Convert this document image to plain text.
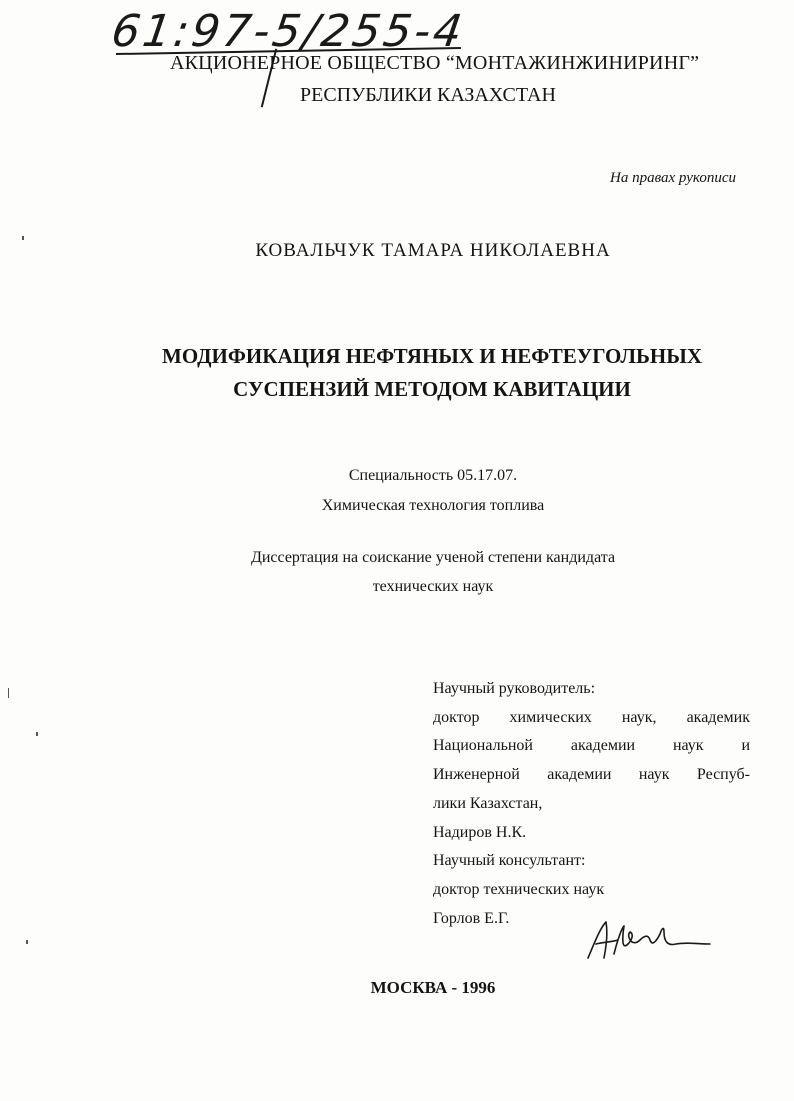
61:97-5/255-4
АКЦИОНЕРНОЕ ОБЩЕСТВО “МОНТАЖИНЖИНИРИНГ”
РЕСПУБЛИКИ КАЗАХСТАН
На правах рукописи
КОВАЛЬЧУК ТАМАРА НИКОЛАЕВНА
МОДИФИКАЦИЯ НЕФТЯНЫХ И НЕФТЕУГОЛЬНЫХ
СУСПЕНЗИЙ МЕТОДОМ КАВИТАЦИИ
Специальность 05.17.07.
Химическая технология топлива
Диссертация на соискание ученой степени кандидата
технических наук
Научный руководитель:
доктор химических наук, академик
Национальной академии наук и
Инженерной академии наук Респуб-
лики Казахстан,
Надиров Н.К.
Научный консультант:
доктор технических наук
Горлов Е.Г.
МОСКВА - 1996
